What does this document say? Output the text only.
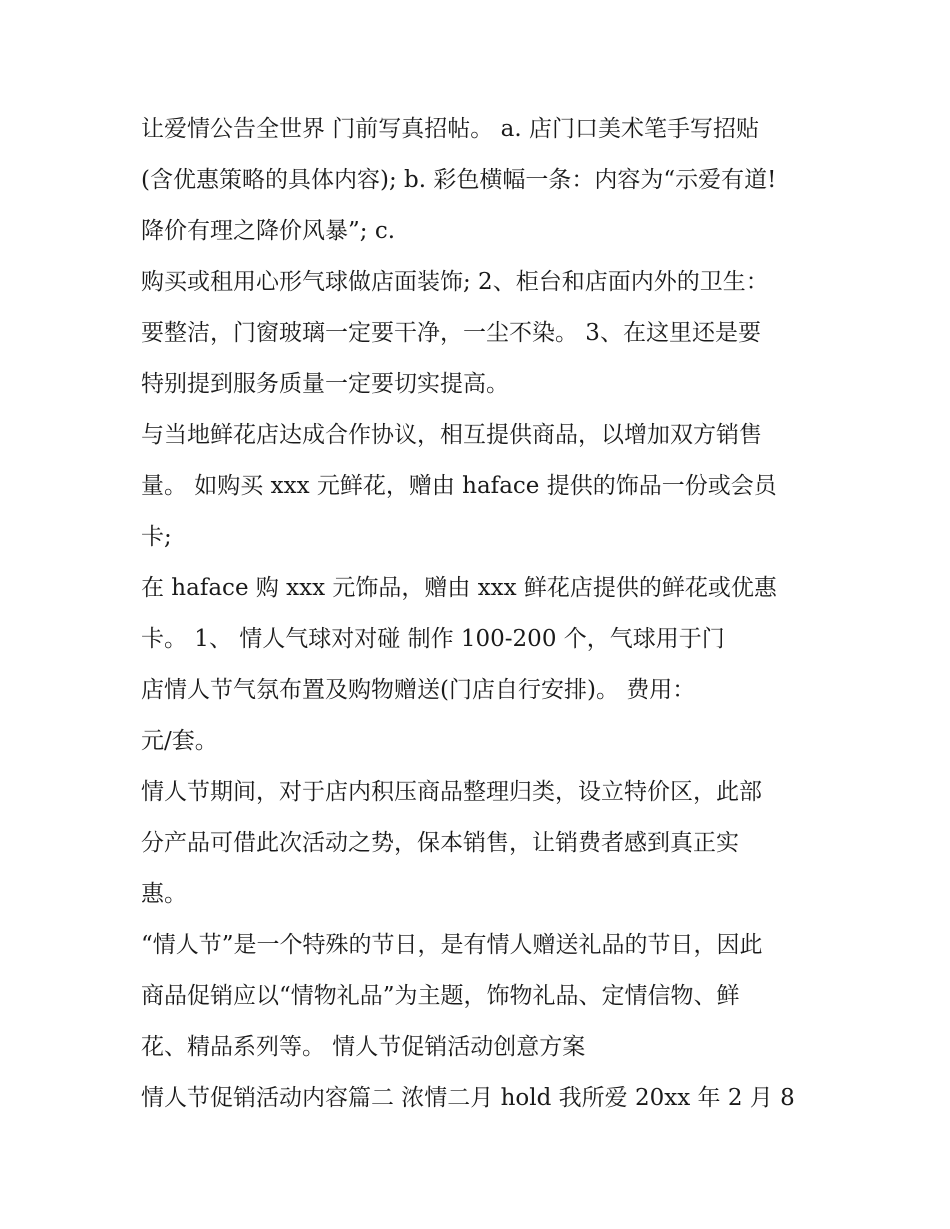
让爱情公告全世界 门前写真招帖。 a. 店门口美术笔手写招贴
(含优惠策略的具体内容); b. 彩色横幅一条：内容为“示爱有道!
降价有理之降价风暴”; c.

购买或租用心形气球做店面装饰; 2、柜台和店面内外的卫生：
要整洁，门窗玻璃一定要干净，一尘不染。 3、在这里还是要
特别提到服务质量一定要切实提高。

与当地鲜花店达成合作协议，相互提供商品，以增加双方销售
量。 如购买 xxx 元鲜花，赠由 haface 提供的饰品一份或会员
卡;

在 haface 购 xxx 元饰品，赠由 xxx 鲜花店提供的鲜花或优惠
卡。 1、 情人气球对对碰 制作 100-200 个，气球用于门

店情人节气氛布置及购物赠送(门店自行安排)。 费用：

元/套。

情人节期间，对于店内积压商品整理归类，设立特价区，此部
分产品可借此次活动之势，保本销售，让销费者感到真正实
惠。

“情人节”是一个特殊的节日，是有情人赠送礼品的节日，因此
商品促销应以“情物礼品”为主题，饰物礼品、定情信物、鲜
花、精品系列等。 情人节促销活动创意方案

情人节促销活动内容篇二 浓情二月 hold 我所爱 20xx 年 2 月 8
